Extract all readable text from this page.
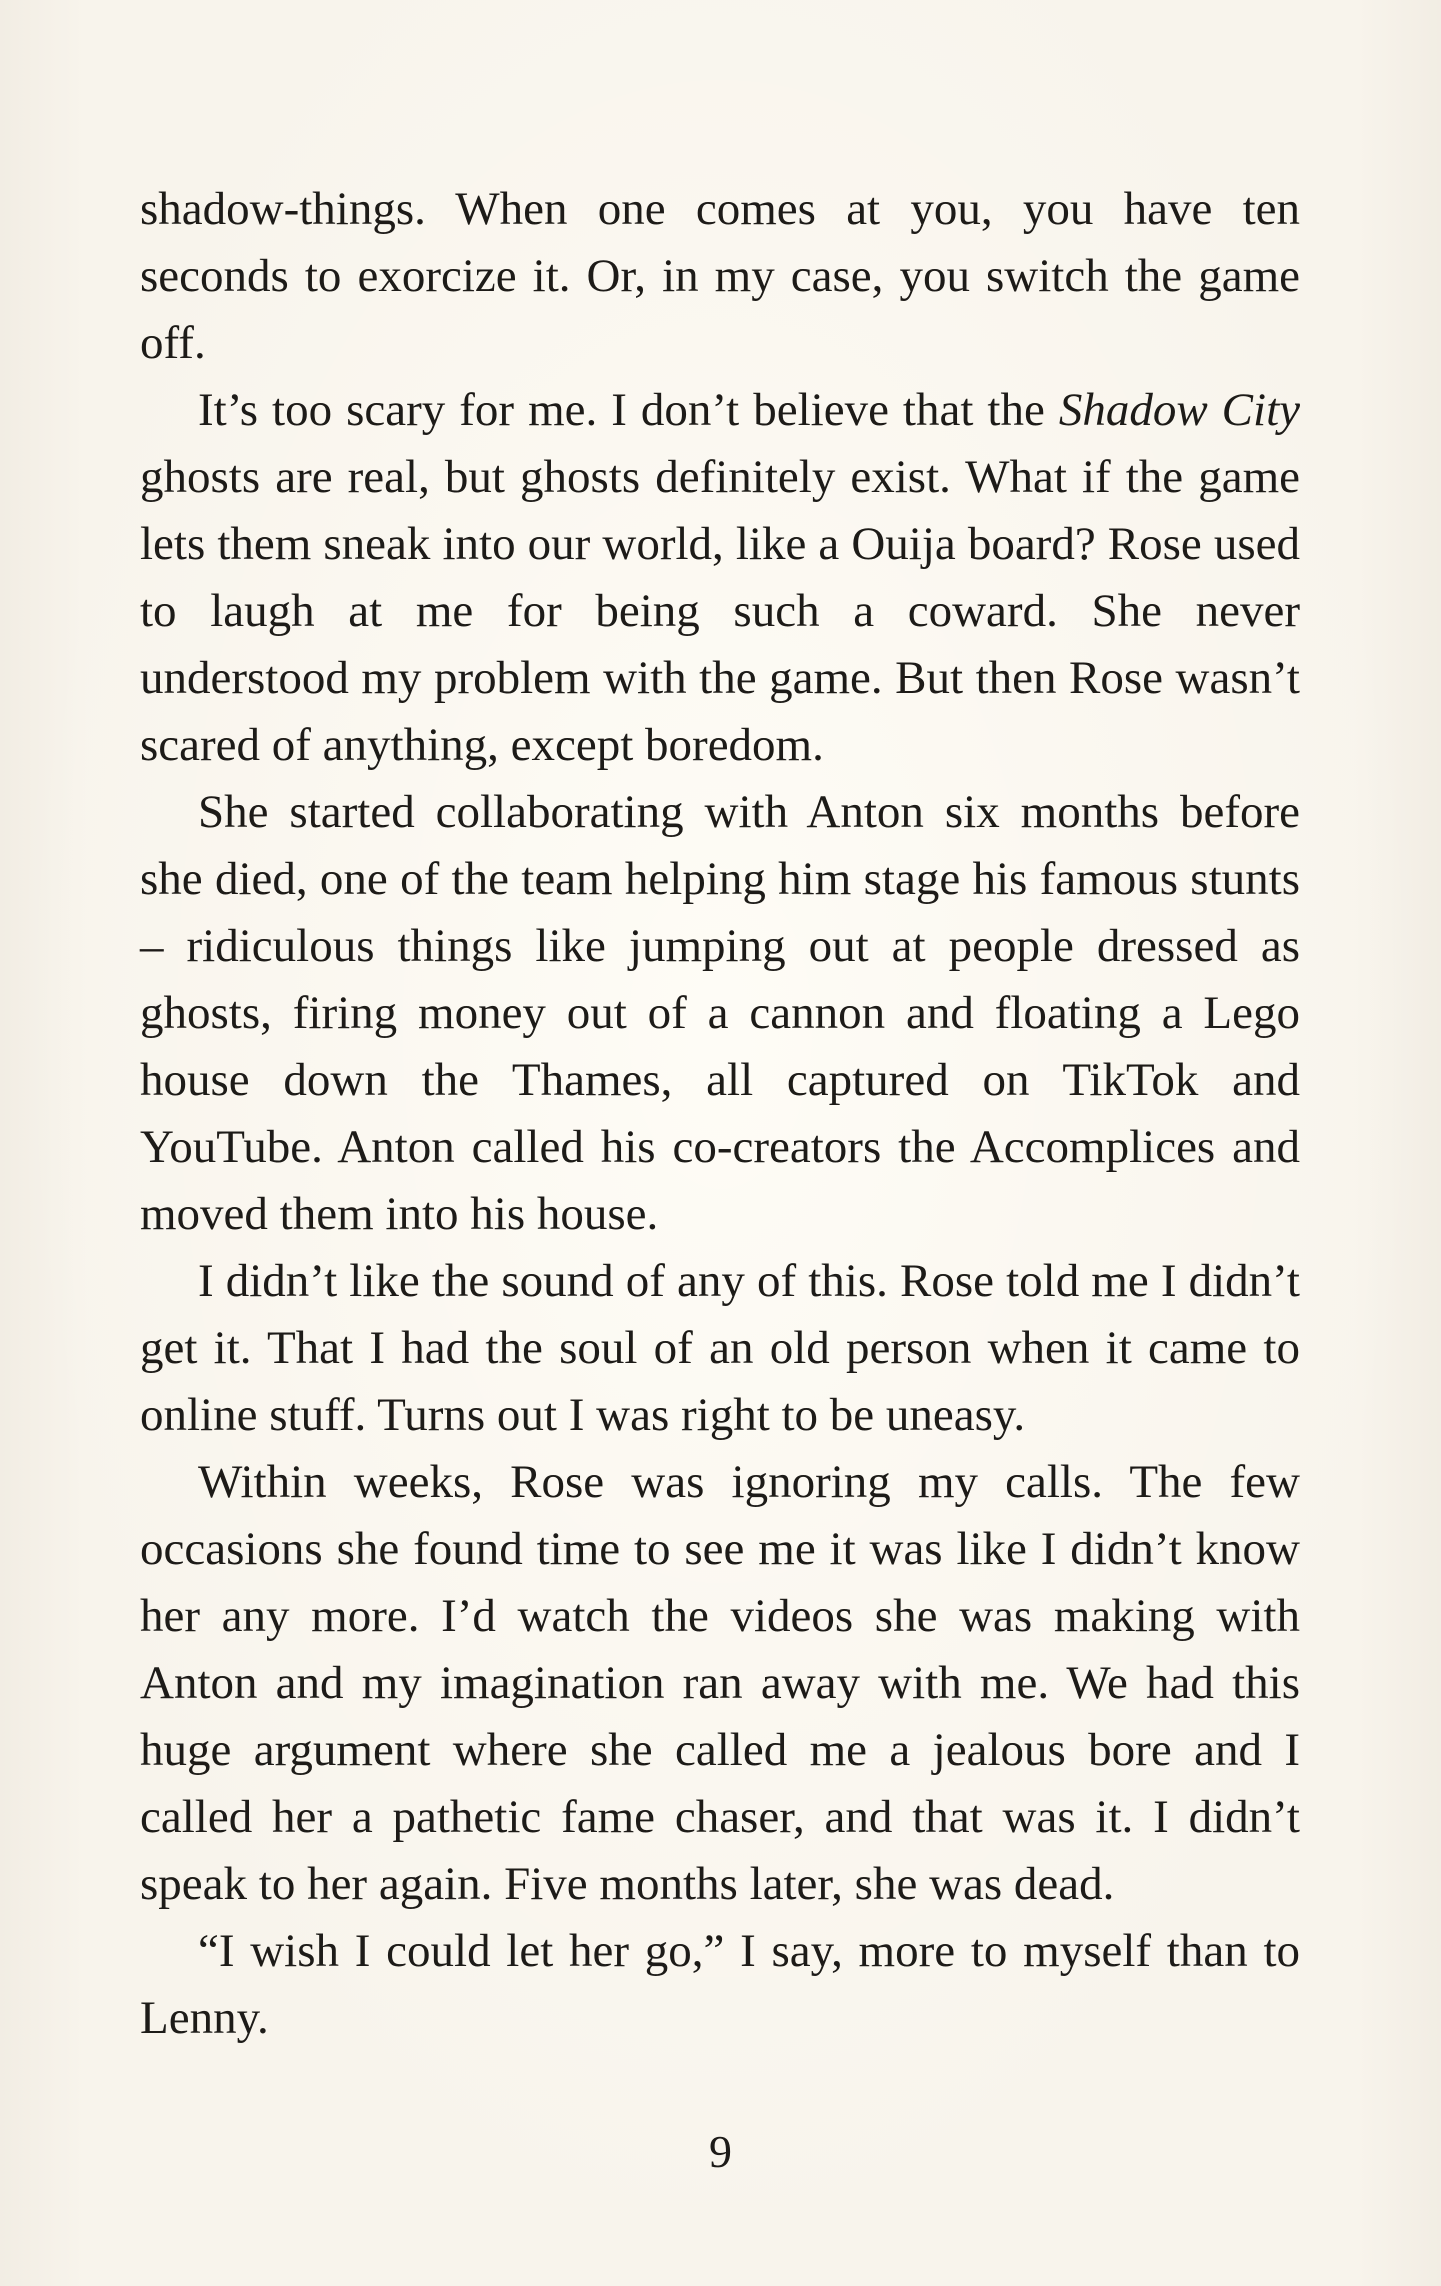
shadow-things. When one comes at you, you have ten seconds to exorcize it. Or, in my case, you switch the game off.

It’s too scary for me. I don’t believe that the Shadow City ghosts are real, but ghosts definitely exist. What if the game lets them sneak into our world, like a Ouija board? Rose used to laugh at me for being such a coward. She never understood my problem with the game. But then Rose wasn’t scared of anything, except boredom.

She started collaborating with Anton six months before she died, one of the team helping him stage his famous stunts – ridiculous things like jumping out at people dressed as ghosts, firing money out of a cannon and floating a Lego house down the Thames, all captured on TikTok and YouTube. Anton called his co-creators the Accomplices and moved them into his house.

I didn’t like the sound of any of this. Rose told me I didn’t get it. That I had the soul of an old person when it came to online stuff. Turns out I was right to be uneasy.

Within weeks, Rose was ignoring my calls. The few occasions she found time to see me it was like I didn’t know her any more. I’d watch the videos she was making with Anton and my imagination ran away with me. We had this huge argument where she called me a jealous bore and I called her a pathetic fame chaser, and that was it. I didn’t speak to her again. Five months later, she was dead.

“I wish I could let her go,” I say, more to myself than to Lenny.

9
